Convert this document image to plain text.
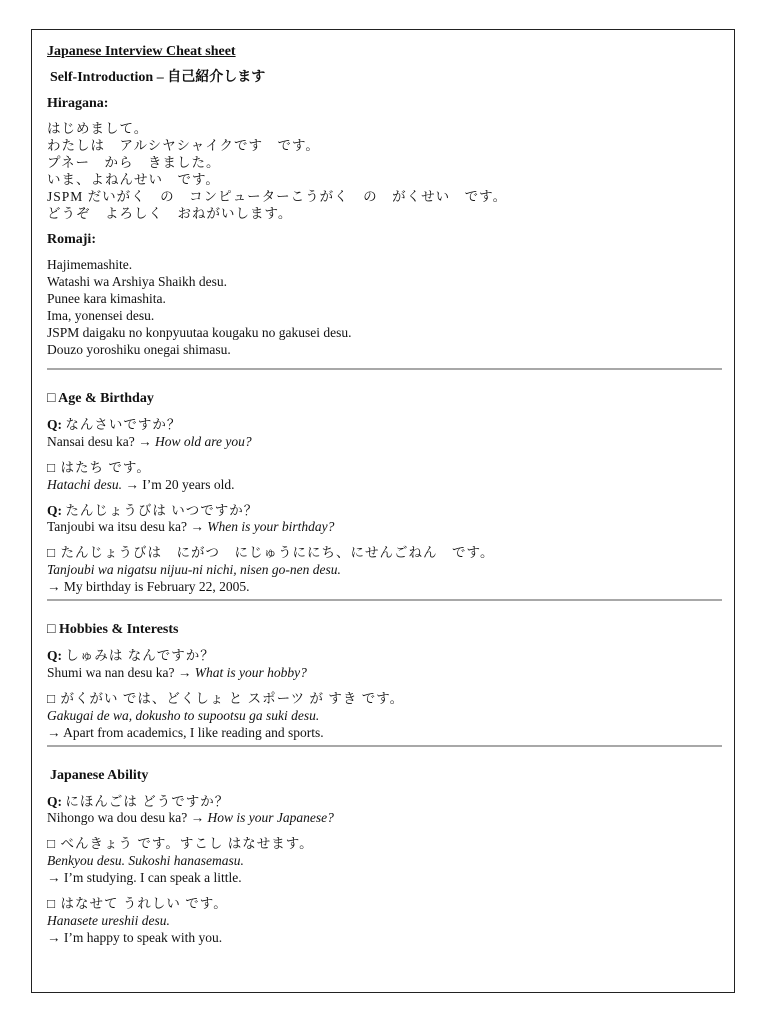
Japanese Interview Cheat sheet
Self-Introduction – 自己紹介します
Hiragana:
はじめまして。
わたしは　アルシヤシャイクです　です。
プネー　から　きました。
いま、よねんせい　です。
JSPM だいがく　の　コンピューターこうがく　の　がくせい　です。
どうぞ　よろしく　おねがいします。
Romaji:
Hajimemashite.
Watashi wa Arshiya Shaikh desu.
Punee kara kimashita.
Ima, yonensei desu.
JSPM daigaku no konpyuutaa kougaku no gakusei desu.
Douzo yoroshiku onegai shimasu.
□ Age & Birthday
Q: なんさいですか？
Nansai desu ka? → How old are you?
□ はたち です。
Hatachi desu. → I’m 20 years old.
Q: たんじょうびは いつですか？
Tanjoubi wa itsu desu ka? → When is your birthday?
□ たんじょうびは　にがつ　にじゅうににち、にせんごねん　です。
Tanjoubi wa nigatsu nijuu-ni nichi, nisen go-nen desu.
→ My birthday is February 22, 2005.
□ Hobbies & Interests
Q: しゅみは なんですか？
Shumi wa nan desu ka? → What is your hobby?
□ がくがい では、どくしょ と スポーツ が すき です。
Gakugai de wa, dokusho to supootsu ga suki desu.
→ Apart from academics, I like reading and sports.
Japanese Ability
Q: にほんごは どうですか？
Nihongo wa dou desu ka? → How is your Japanese?
□ べんきょう です。すこし はなせます。
Benkyou desu. Sukoshi hanasemasu.
→ I’m studying. I can speak a little.
□ はなせて うれしい です。
Hanasete ureshii desu.
→ I’m happy to speak with you.
